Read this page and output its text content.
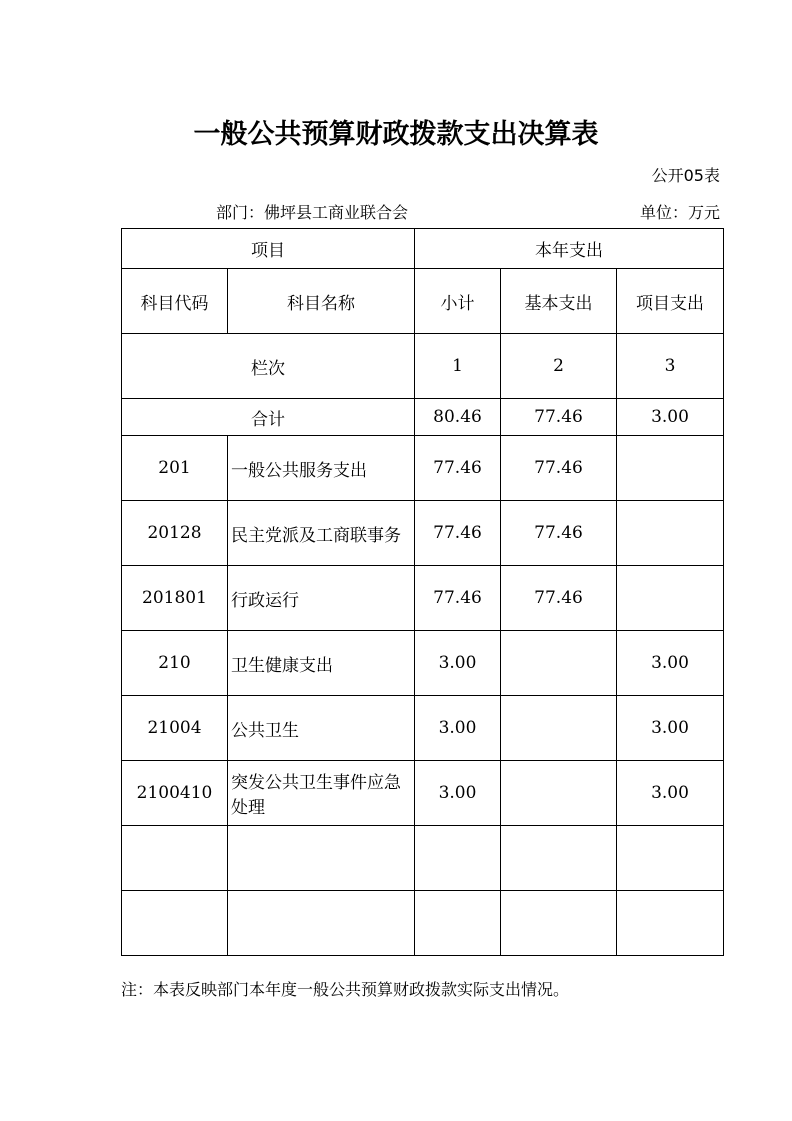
一般公共预算财政拨款支出决算表
公开05表
部门：佛坪县工商业联合会	单位：万元
项目		本年支出		
科目代码	科目名称	小计	基本支出	项目支出
栏次		1	2	3
合计		80.46	77.46	3.00
201	一般公共服务支出	77.46	77.46	
20128	民主党派及工商联事务	77.46	77.46	
201801	行政运行	77.46	77.46	
210	卫生健康支出	3.00		3.00
21004	公共卫生	3.00		3.00
2100410	突发公共卫生事件应急处理	3.00		3.00

注：本表反映部门本年度一般公共预算财政拨款实际支出情况。
